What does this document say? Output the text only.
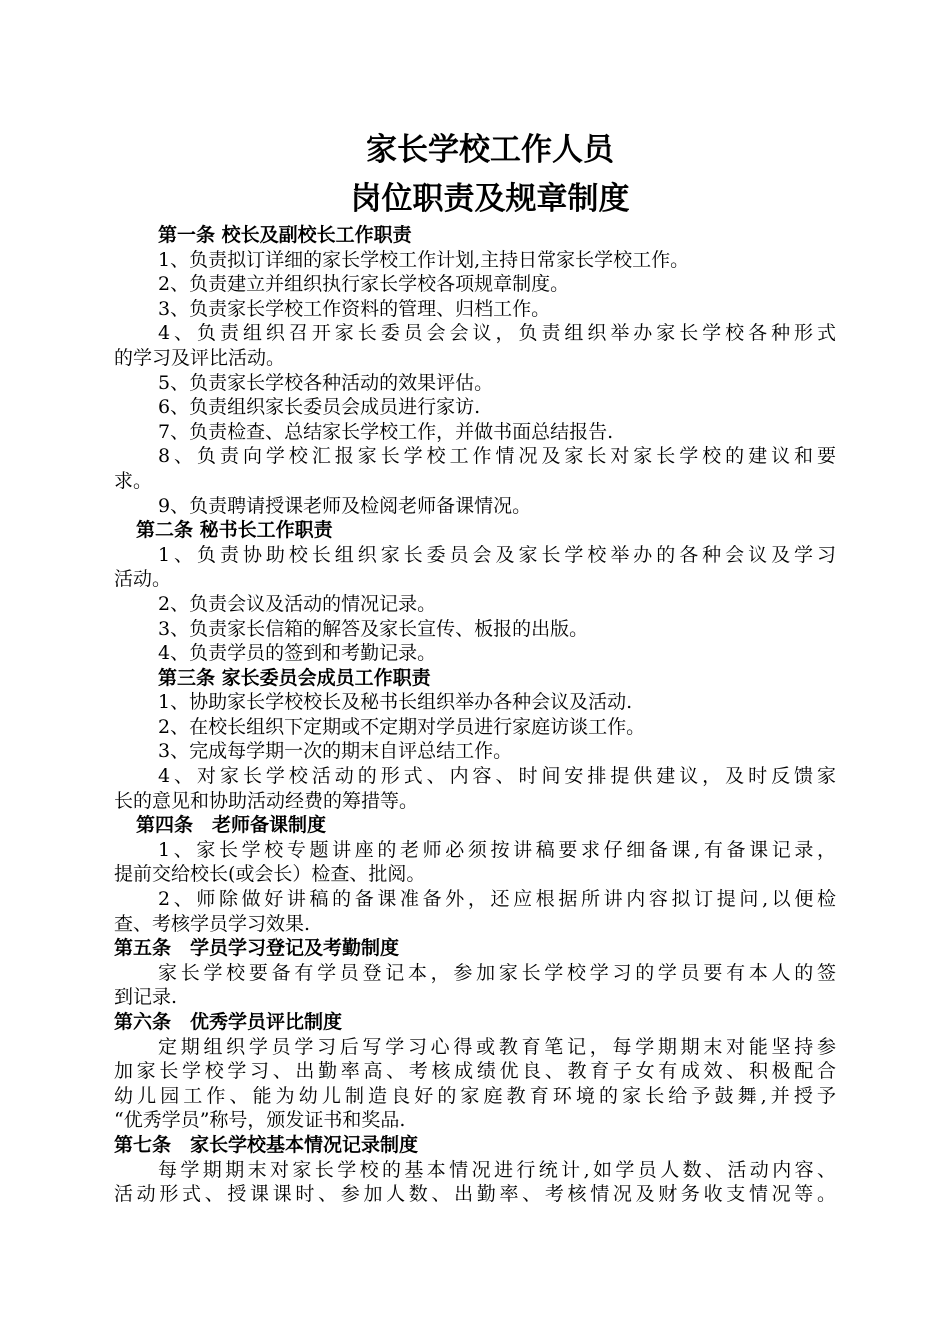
家长学校工作人员
岗位职责及规章制度
第一条 校长及副校长工作职责
1、负责拟订详细的家长学校工作计划,主持日常家长学校工作。
2、负责建立并组织执行家长学校各项规章制度。
3、负责家长学校工作资料的管理、归档工作。
4、负责组织召开家长委员会会议，负责组织举办家长学校各种形式
的学习及评比活动。
5、负责家长学校各种活动的效果评估。
6、负责组织家长委员会成员进行家访.
7、负责检查、总结家长学校工作，并做书面总结报告.
8、负责向学校汇报家长学校工作情况及家长对家长学校的建议和要
求。
9、负责聘请授课老师及检阅老师备课情况。
第二条 秘书长工作职责
1、负责协助校长组织家长委员会及家长学校举办的各种会议及学习
活动。
2、负责会议及活动的情况记录。
3、负责家长信箱的解答及家长宣传、板报的出版。
4、负责学员的签到和考勤记录。
第三条 家长委员会成员工作职责
1、协助家长学校校长及秘书长组织举办各种会议及活动.
2、在校长组织下定期或不定期对学员进行家庭访谈工作。
3、完成每学期一次的期末自评总结工作。
4、对家长学校活动的形式、内容、时间安排提供建议，及时反馈家
长的意见和协助活动经费的筹措等。
第四条　老师备课制度
1、家长学校专题讲座的老师必须按讲稿要求仔细备课,有备课记录，
提前交给校长(或会长）检查、批阅。
2、师除做好讲稿的备课准备外，还应根据所讲内容拟订提问,以便检
查、考核学员学习效果.
第五条　学员学习登记及考勤制度
家长学校要备有学员登记本，参加家长学校学习的学员要有本人的签
到记录.
第六条　优秀学员评比制度
定期组织学员学习后写学习心得或教育笔记，每学期期末对能坚持参
加家长学校学习、出勤率高、考核成绩优良、教育子女有成效、积极配合
幼儿园工作、能为幼儿制造良好的家庭教育环境的家长给予鼓舞,并授予
“优秀学员”称号，颁发证书和奖品.
第七条　家长学校基本情况记录制度
每学期期末对家长学校的基本情况进行统计,如学员人数、活动内容、
活动形式、授课课时、参加人数、出勤率、考核情况及财务收支情况等。
